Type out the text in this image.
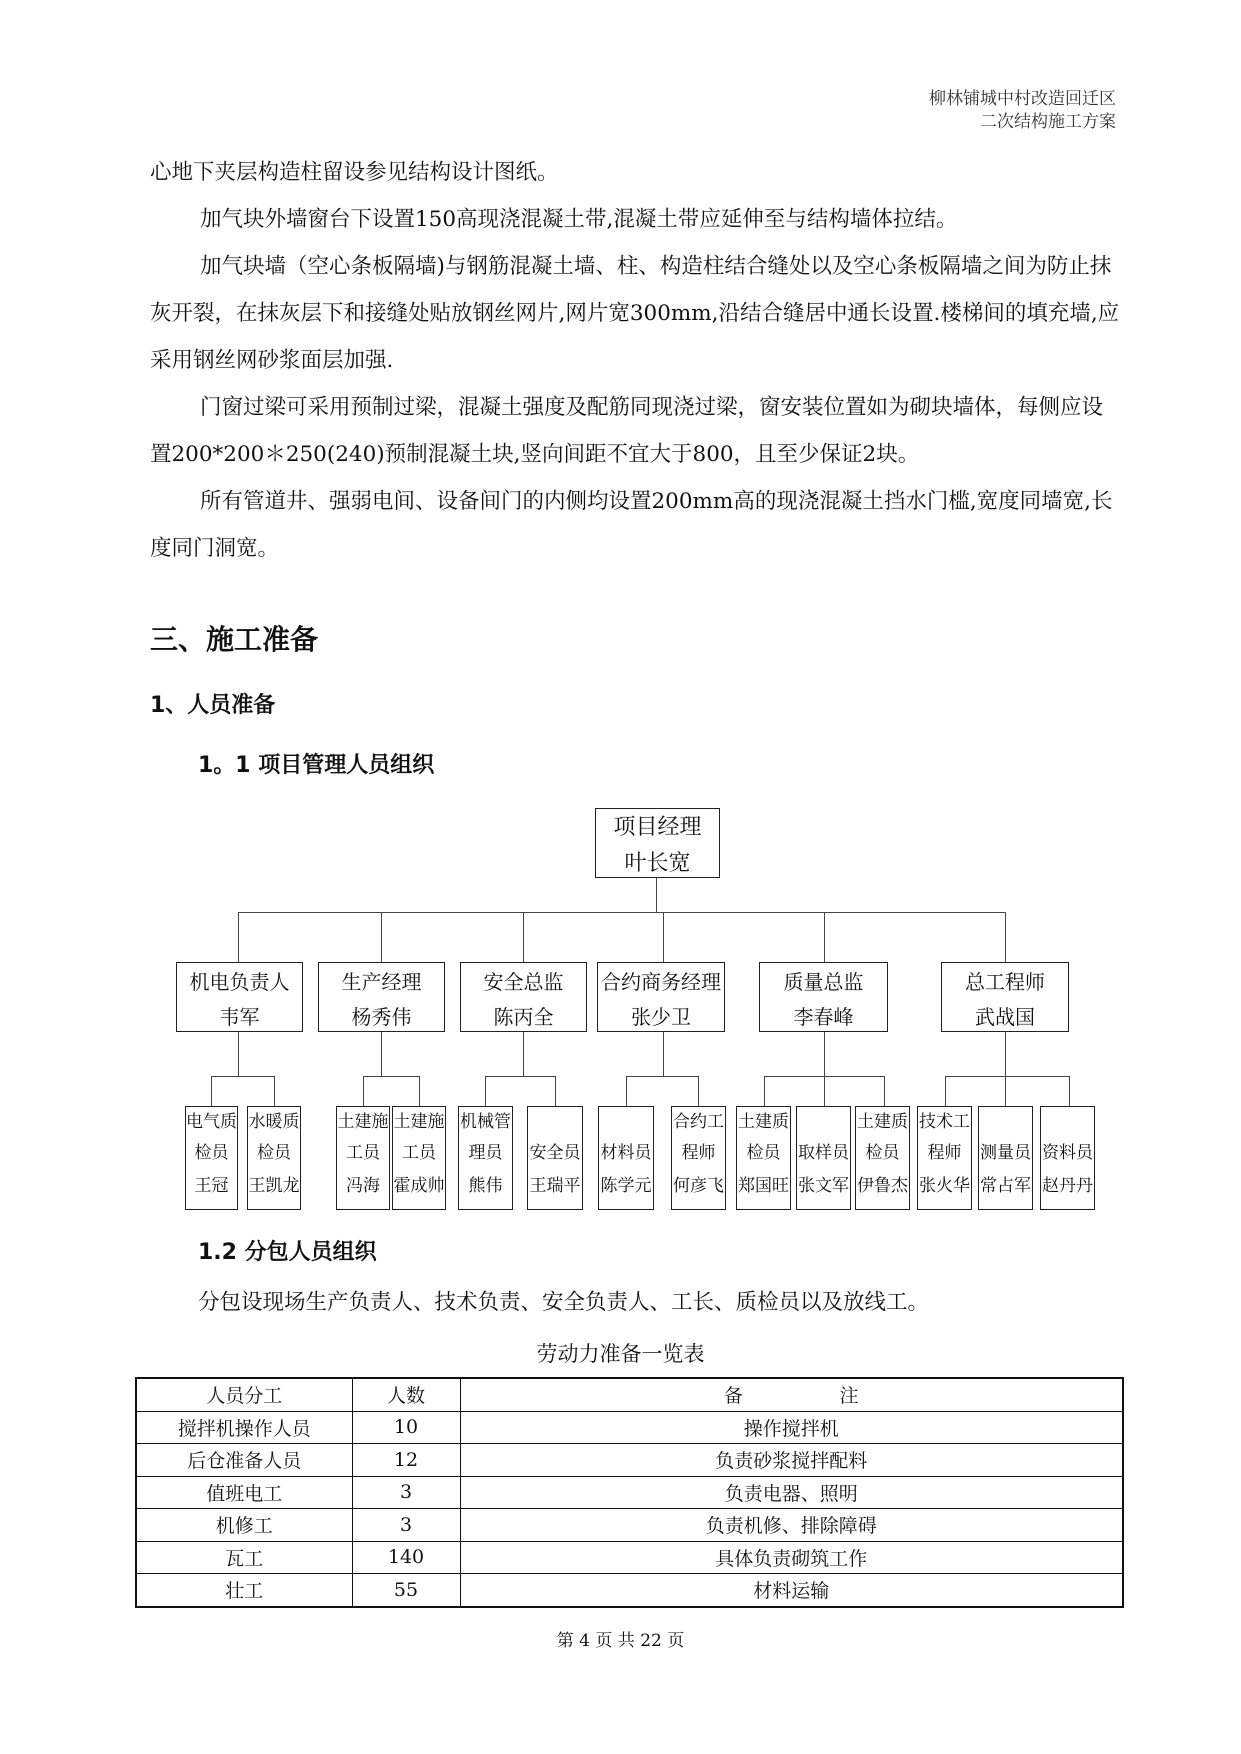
柳林铺城中村改造回迁区
二次结构施工方案

心地下夹层构造柱留设参见结构设计图纸。

加气块外墙窗台下设置150高现浇混凝土带,混凝土带应延伸至与结构墙体拉结。

加气块墙（空心条板隔墙)与钢筋混凝土墙、柱、构造柱结合缝处以及空心条板隔墙之间为防止抹灰开裂，在抹灰层下和接缝处贴放钢丝网片,网片宽300mm,沿结合缝居中通长设置.楼梯间的填充墙,应采用钢丝网砂浆面层加强.

门窗过梁可采用预制过梁，混凝土强度及配筋同现浇过梁，窗安装位置如为砌块墙体，每侧应设置200*200＊250(240)预制混凝土块,竖向间距不宜大于800，且至少保证2块。

所有管道井、强弱电间、设备间门的内侧均设置200mm高的现浇混凝土挡水门槛,宽度同墙宽,长度同门洞宽。

三、施工准备
1、人员准备
1。1 项目管理人员组织
项目经理
叶长宽
机电负责人
韦军
生产经理
杨秀伟
安全总监
陈丙全
合约商务经理
张少卫
质量总监
李春峰
总工程师
武战国
电气质
检员
王冠
水暖质
检员
王凯龙
土建施
工员
冯海
土建施
工员
霍成帅
机械管
理员
熊伟
安全员
王瑞平
材料员
陈学元
合约工
程师
何彦飞
土建质
检员
郑国旺
取样员
张文军
土建质
检员
伊鲁杰
技术工
程师
张火华
测量员
常占军
资料员
赵丹丹
1.2 分包人员组织
分包设现场生产负责人、技术负责、安全负责人、工长、质检员以及放线工。
劳动力准备一览表
人员分工	人数	备                注
搅拌机操作人员	10	操作搅拌机
后仓准备人员	12	负责砂浆搅拌配料
值班电工	3	负责电器、照明
机修工	3	负责机修、排除障碍
瓦工	140	具体负责砌筑工作
壮工	55	材料运输
第 4 页 共 22 页
